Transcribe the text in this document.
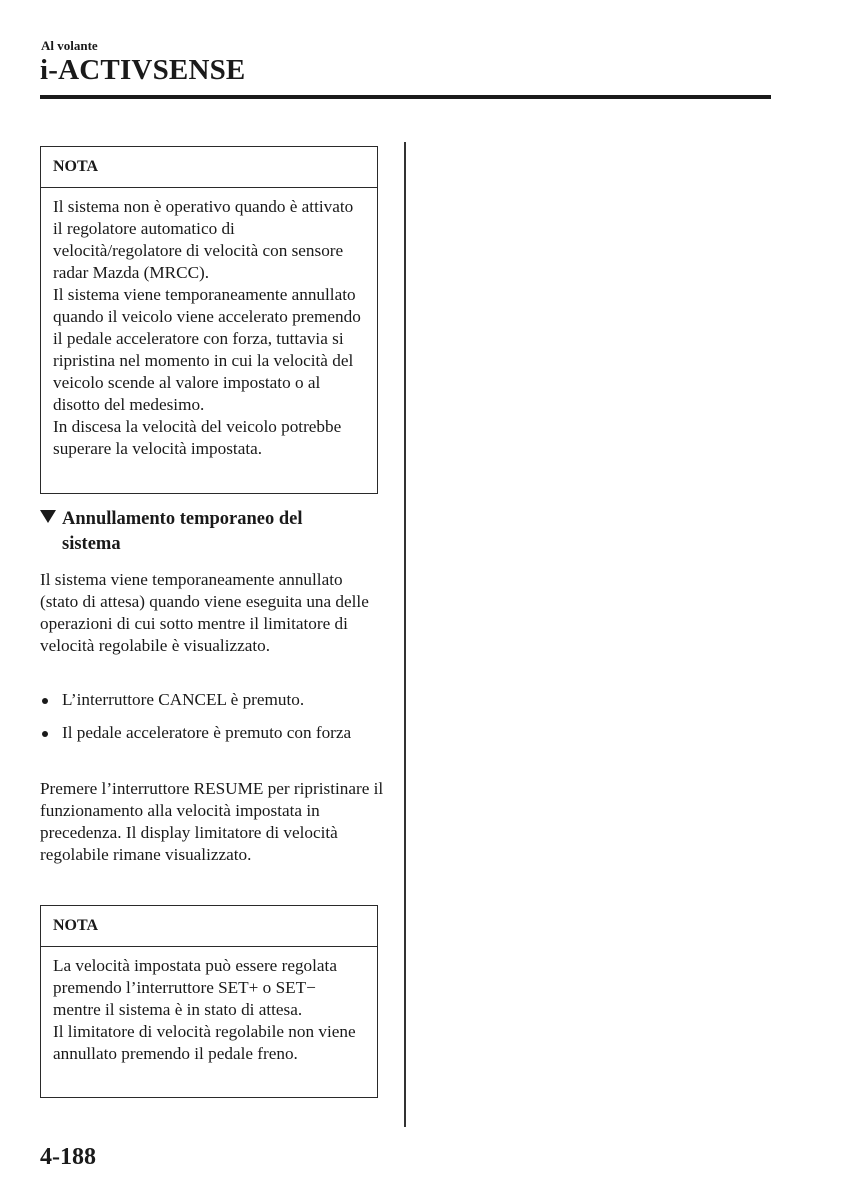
Al volante
i-ACTIVSENSE
NOTA

Il sistema non è operativo quando è attivato il regolatore automatico di velocità/regolatore di velocità con sensore radar Mazda (MRCC).

Il sistema viene temporaneamente annullato quando il veicolo viene accelerato premendo il pedale acceleratore con forza, tuttavia si ripristina nel momento in cui la velocità del veicolo scende al valore impostato o al disotto del medesimo.

In discesa la velocità del veicolo potrebbe superare la velocità impostata.

Annullamento temporaneo del
sistema

Il sistema viene temporaneamente annullato (stato di attesa) quando viene eseguita una delle operazioni di cui sotto mentre il limitatore di velocità regolabile è visualizzato.

L’interruttore CANCEL è premuto.
Il pedale acceleratore è premuto con forza

Premere l’interruttore RESUME per ripristinare il funzionamento alla velocità impostata in precedenza. Il display limitatore di velocità regolabile rimane visualizzato.

NOTA

La velocità impostata può essere regolata premendo l’interruttore SET+ o SET− mentre il sistema è in stato di attesa.

Il limitatore di velocità regolabile non viene annullato premendo il pedale freno.

4-188
